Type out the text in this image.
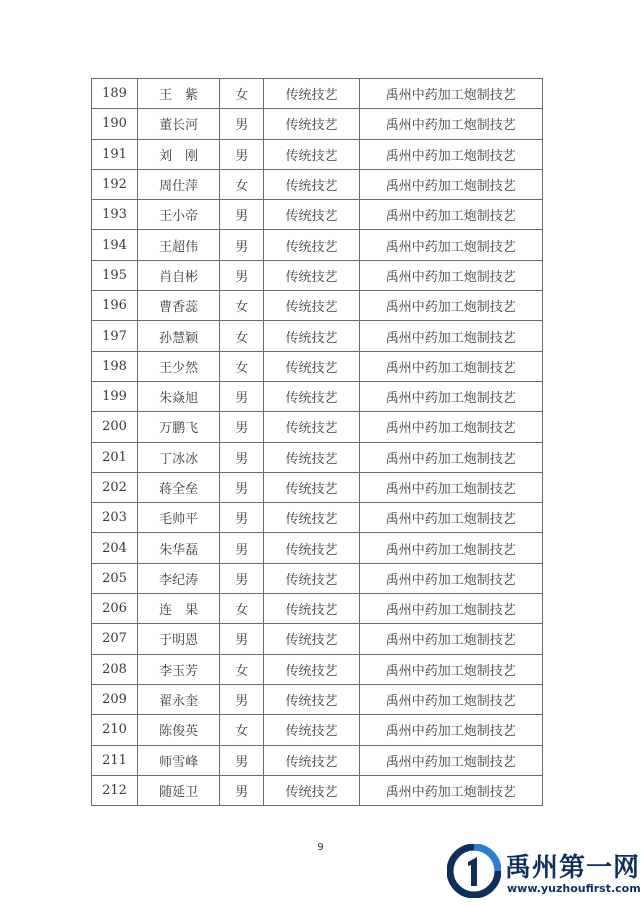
189	王　紫	女	传统技艺	禹州中药加工炮制技艺
190	董长河	男	传统技艺	禹州中药加工炮制技艺
191	刘　刚	男	传统技艺	禹州中药加工炮制技艺
192	周仕萍	女	传统技艺	禹州中药加工炮制技艺
193	王小帝	男	传统技艺	禹州中药加工炮制技艺
194	王超伟	男	传统技艺	禹州中药加工炮制技艺
195	肖自彬	男	传统技艺	禹州中药加工炮制技艺
196	曹香蕊	女	传统技艺	禹州中药加工炮制技艺
197	孙慧颖	女	传统技艺	禹州中药加工炮制技艺
198	王少然	女	传统技艺	禹州中药加工炮制技艺
199	朱焱旭	男	传统技艺	禹州中药加工炮制技艺
200	万鹏飞	男	传统技艺	禹州中药加工炮制技艺
201	丁冰冰	男	传统技艺	禹州中药加工炮制技艺
202	蒋全垒	男	传统技艺	禹州中药加工炮制技艺
203	毛帅平	男	传统技艺	禹州中药加工炮制技艺
204	朱华磊	男	传统技艺	禹州中药加工炮制技艺
205	李纪涛	男	传统技艺	禹州中药加工炮制技艺
206	连　果	女	传统技艺	禹州中药加工炮制技艺
207	于明恩	男	传统技艺	禹州中药加工炮制技艺
208	李玉芳	女	传统技艺	禹州中药加工炮制技艺
209	翟永奎	男	传统技艺	禹州中药加工炮制技艺
210	陈俊英	女	传统技艺	禹州中药加工炮制技艺
211	师雪峰	男	传统技艺	禹州中药加工炮制技艺
212	随延卫	男	传统技艺	禹州中药加工炮制技艺
9
禹州第一网
www.yuzhoufirst.com
